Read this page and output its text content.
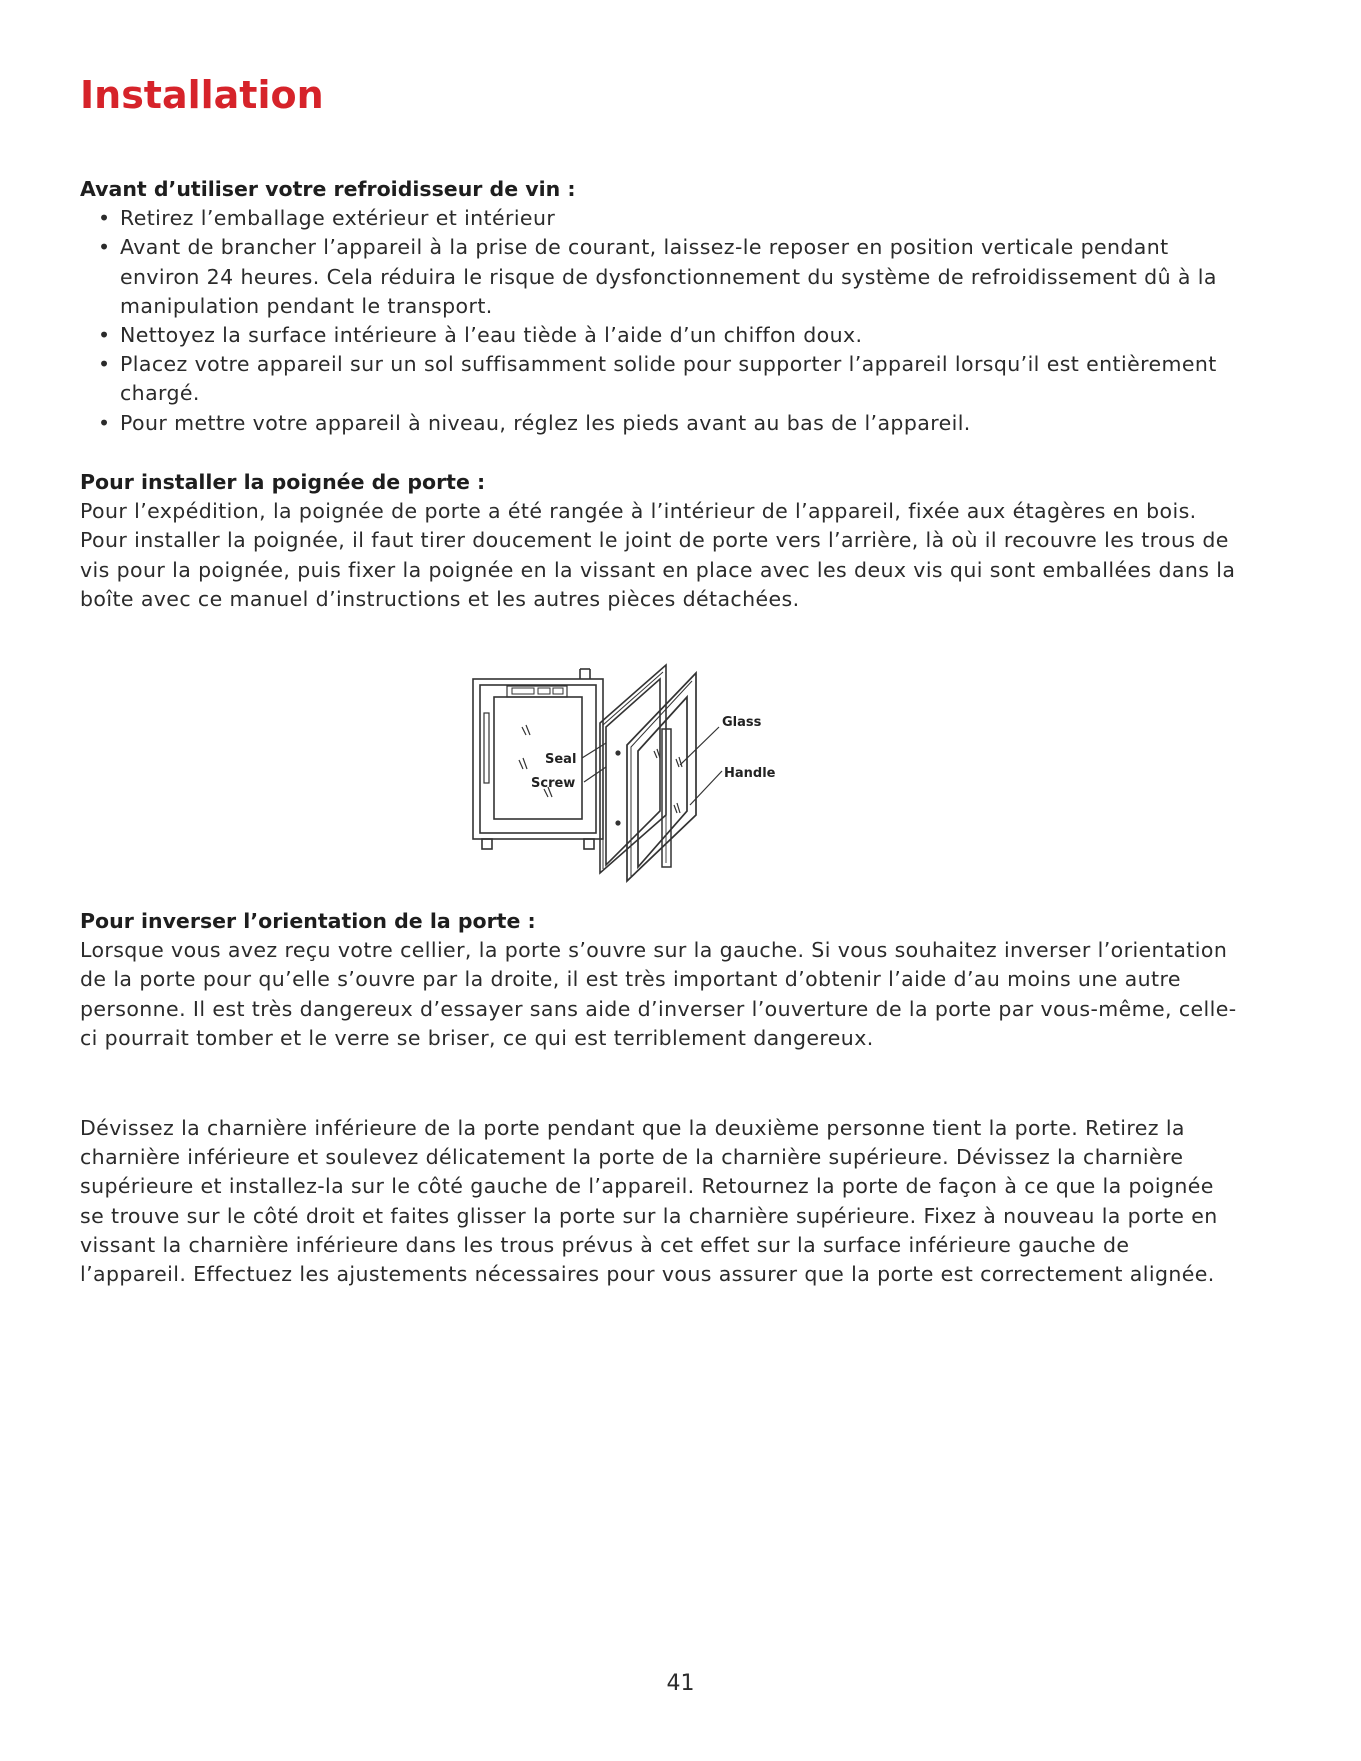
Installation
Avant d’utiliser votre refroidisseur de vin :
• Retirez l’emballage extérieur et intérieur
• Avant de brancher l’appareil à la prise de courant, laissez-le reposer en position verticale pendant environ 24 heures. Cela réduira le risque de dysfonctionnement du système de refroidissement dû à la manipulation pendant le transport.
• Nettoyez la surface intérieure à l’eau tiède à l’aide d’un chiffon doux.
• Placez votre appareil sur un sol suffisamment solide pour supporter l’appareil lorsqu’il est entièrement chargé.
• Pour mettre votre appareil à niveau, réglez les pieds avant au bas de l’appareil.
Pour installer la poignée de porte :

Pour l’expédition, la poignée de porte a été rangée à l’intérieur de l’appareil, fixée aux étagères en bois. Pour installer la poignée, il faut tirer doucement le joint de porte vers l’arrière, là où il recouvre les trous de vis pour la poignée, puis fixer la poignée en la vissant en place avec les deux vis qui sont emballées dans la boîte avec ce manuel d’instructions et les autres pièces détachées.

Seal
Screw
Glass
Handle
Pour inverser l’orientation de la porte :

Lorsque vous avez reçu votre cellier, la porte s’ouvre sur la gauche. Si vous souhaitez inverser l’orientation de la porte pour qu’elle s’ouvre par la droite, il est très important d’obtenir l’aide d’au moins une autre personne. Il est très dangereux d’essayer sans aide d’inverser l’ouverture de la porte par vous-même, celle-ci pourrait tomber et le verre se briser, ce qui est terriblement dangereux.

Dévissez la charnière inférieure de la porte pendant que la deuxième personne tient la porte. Retirez la charnière inférieure et soulevez délicatement la porte de la charnière supérieure. Dévissez la charnière supérieure et installez-la sur le côté gauche de l’appareil. Retournez la porte de façon à ce que la poignée se trouve sur le côté droit et faites glisser la porte sur la charnière supérieure. Fixez à nouveau la porte en vissant la charnière inférieure dans les trous prévus à cet effet sur la surface inférieure gauche de l’appareil. Effectuez les ajustements nécessaires pour vous assurer que la porte est correctement alignée.

41
